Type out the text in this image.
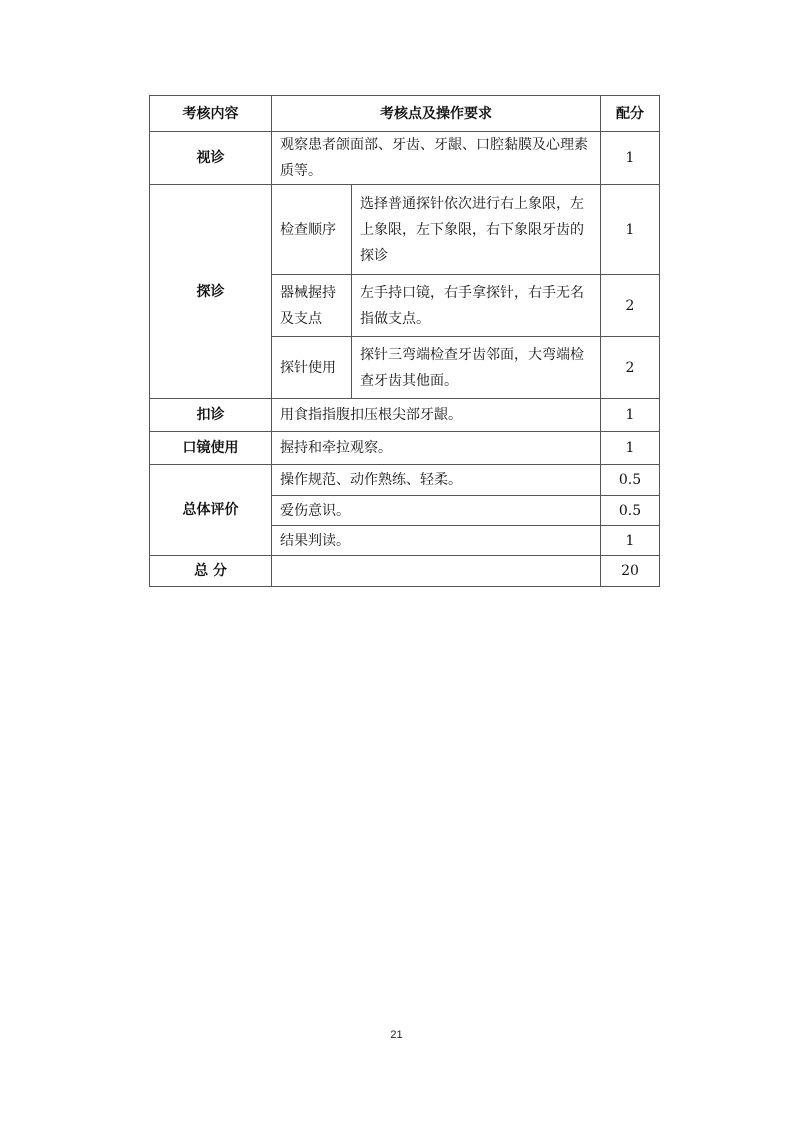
考核内容	考核点及操作要求		配分
视诊	观察患者颌面部、牙齿、牙龈、口腔黏膜及心理素质等。		1
探诊	检查顺序	选择普通探针依次进行右上象限，左上象限，左下象限，右下象限牙齿的探诊	1
	器械握持及支点	左手持口镜，右手拿探针，右手无名指做支点。	2
	探针使用	探针三弯端检查牙齿邻面，大弯端检查牙齿其他面。	2
扣诊	用食指指腹扣压根尖部牙龈。		1
口镜使用	握持和牵拉观察。		1
总体评价	操作规范、动作熟练、轻柔。		0.5
	爱伤意识。		0.5
	结果判读。		1
总 分			20
21
